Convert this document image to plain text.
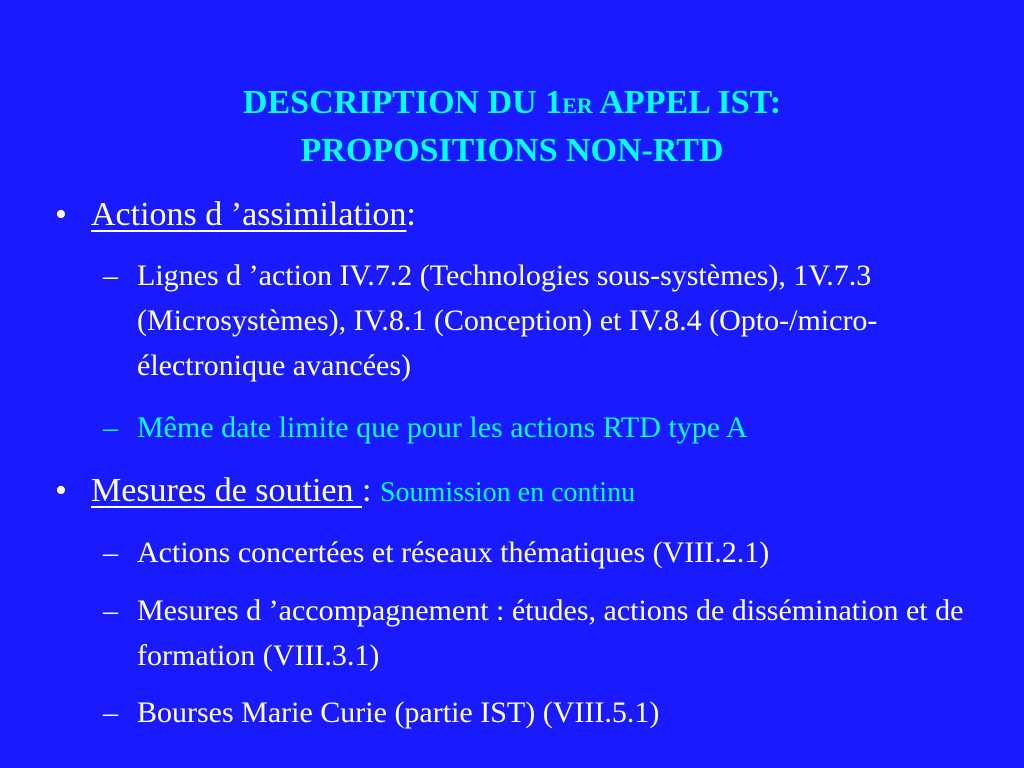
DESCRIPTION DU 1ER APPEL IST:
PROPOSITIONS NON-RTD
• Actions d ’assimilation:
– Lignes d ’action IV.7.2 (Technologies sous-systèmes), 1V.7.3 (Microsystèmes), IV.8.1 (Conception) et IV.8.4 (Opto-/micro-électronique avancées)
– Même date limite que pour les actions RTD type A
• Mesures de soutien : Soumission en continu
– Actions concertées et réseaux thématiques (VIII.2.1)
– Mesures d ’accompagnement : études, actions de dissémination et de formation (VIII.3.1)
– Bourses Marie Curie (partie IST) (VIII.5.1)
